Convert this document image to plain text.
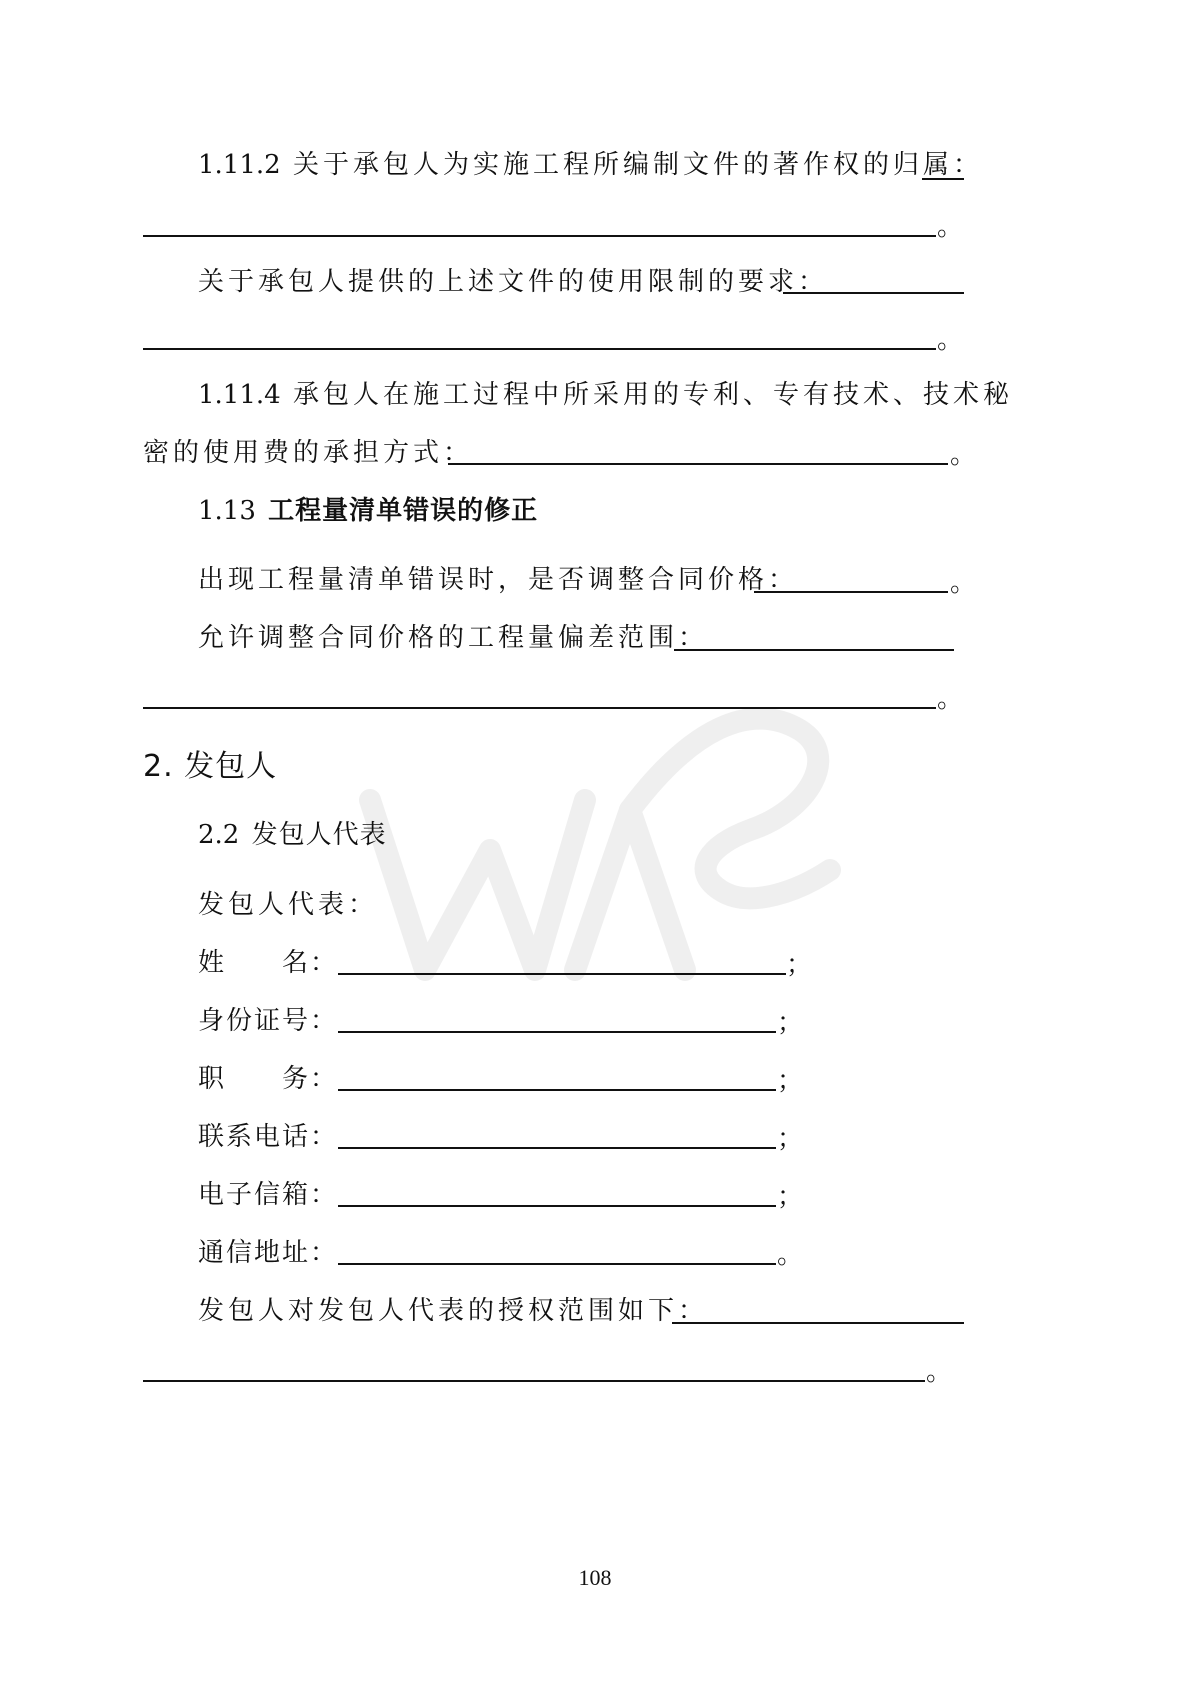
1.11.2 关于承包人为实施工程所编制文件的著作权的归属：
。
关于承包人提供的上述文件的使用限制的要求：
。
1.11.4 承包人在施工过程中所采用的专利、专有技术、技术秘
密的使用费的承担方式：	。
1.13 工程量清单错误的修正
出现工程量清单错误时，是否调整合同价格：	。
允许调整合同价格的工程量偏差范围：
。
2. 发包人
2.2 发包人代表
发包人代表：
姓　　名：	；
身份证号：	；
职　　务：	；
联系电话：	；
电子信箱：	；
通信地址：	。
发包人对发包人代表的授权范围如下：
。
108
